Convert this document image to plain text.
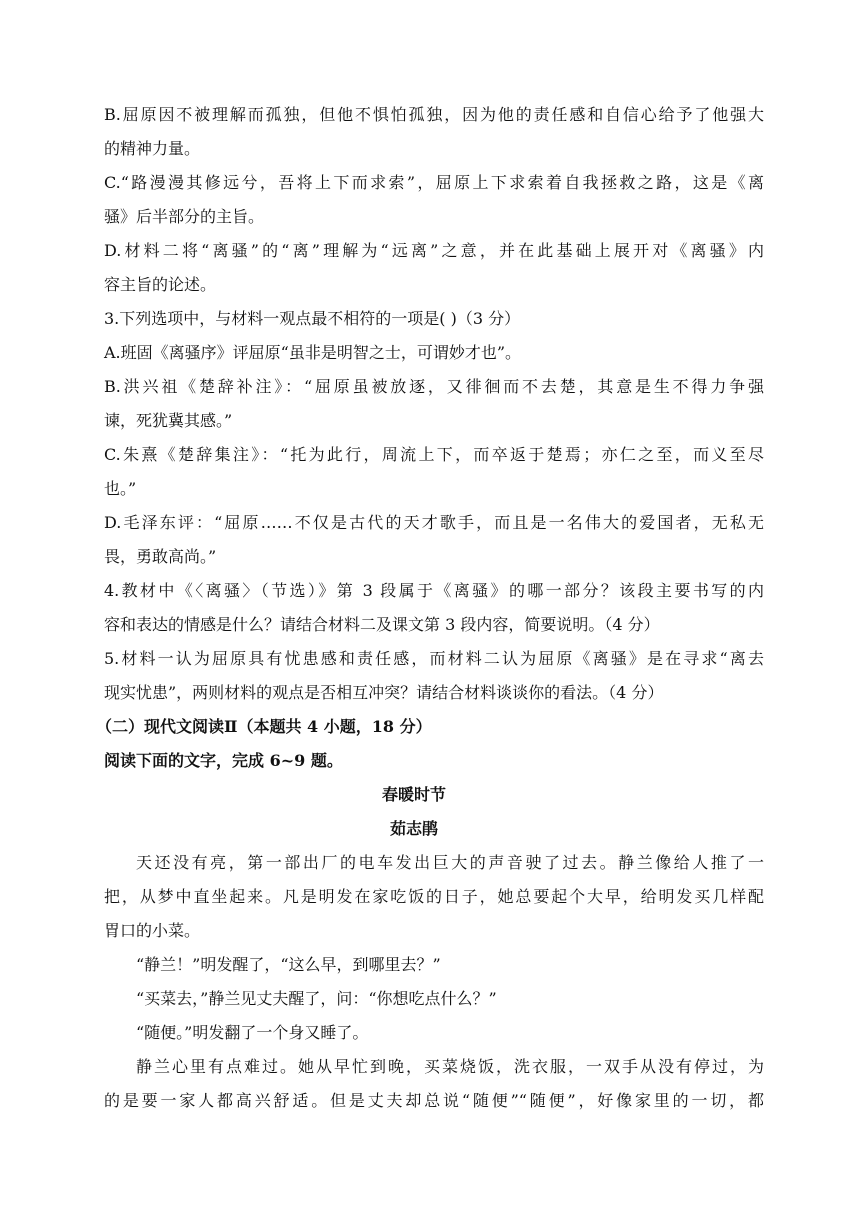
B.屈原因不被理解而孤独，但他不惧怕孤独，因为他的责任感和自信心给予了他强大
的精神力量。
C.“路漫漫其修远兮，吾将上下而求索”，屈原上下求索着自我拯救之路，这是《离
骚》后半部分的主旨。
D.材料二将“离骚”的“离”理解为“远离”之意，并在此基础上展开对《离骚》内
容主旨的论述。
3.下列选项中，与材料一观点最不相符的一项是( )（3 分）
A.班固《离骚序》评屈原“虽非是明智之士，可谓妙才也”。
B.洪兴祖《楚辞补注》：“屈原虽被放逐，又徘徊而不去楚，其意是生不得力争强
谏，死犹冀其感。”
C.朱熹《楚辞集注》：“托为此行，周流上下，而卒返于楚焉；亦仁之至，而义至尽
也。”
D.毛泽东评：“屈原……不仅是古代的天才歌手，而且是一名伟大的爱国者，无私无
畏，勇敢高尚。”
4.教材中《〈离骚〉（节选）》第 3 段属于《离骚》的哪一部分？该段主要书写的内
容和表达的情感是什么？请结合材料二及课文第 3 段内容，简要说明。（4 分）
5.材料一认为屈原具有忧患感和责任感，而材料二认为屈原《离骚》是在寻求“离去
现实忧患”，两则材料的观点是否相互冲突？请结合材料谈谈你的看法。（4 分）
（二）现代文阅读Ⅱ（本题共 4 小题，18 分）
阅读下面的文字，完成 6~9 题。
春暖时节
茹志鹃
天还没有亮，第一部出厂的电车发出巨大的声音驶了过去。静兰像给人推了一
把，从梦中直坐起来。凡是明发在家吃饭的日子，她总要起个大早，给明发买几样配
胃口的小菜。
“静兰！”明发醒了，“这么早，到哪里去？”
“买菜去，”静兰见丈夫醒了，问：“你想吃点什么？”
“随便。”明发翻了一个身又睡了。
静兰心里有点难过。她从早忙到晚，买菜烧饭，洗衣服，一双手从没有停过，为
的是要一家人都高兴舒适。但是丈夫却总说“随便”“随便”，好像家里的一切，都
